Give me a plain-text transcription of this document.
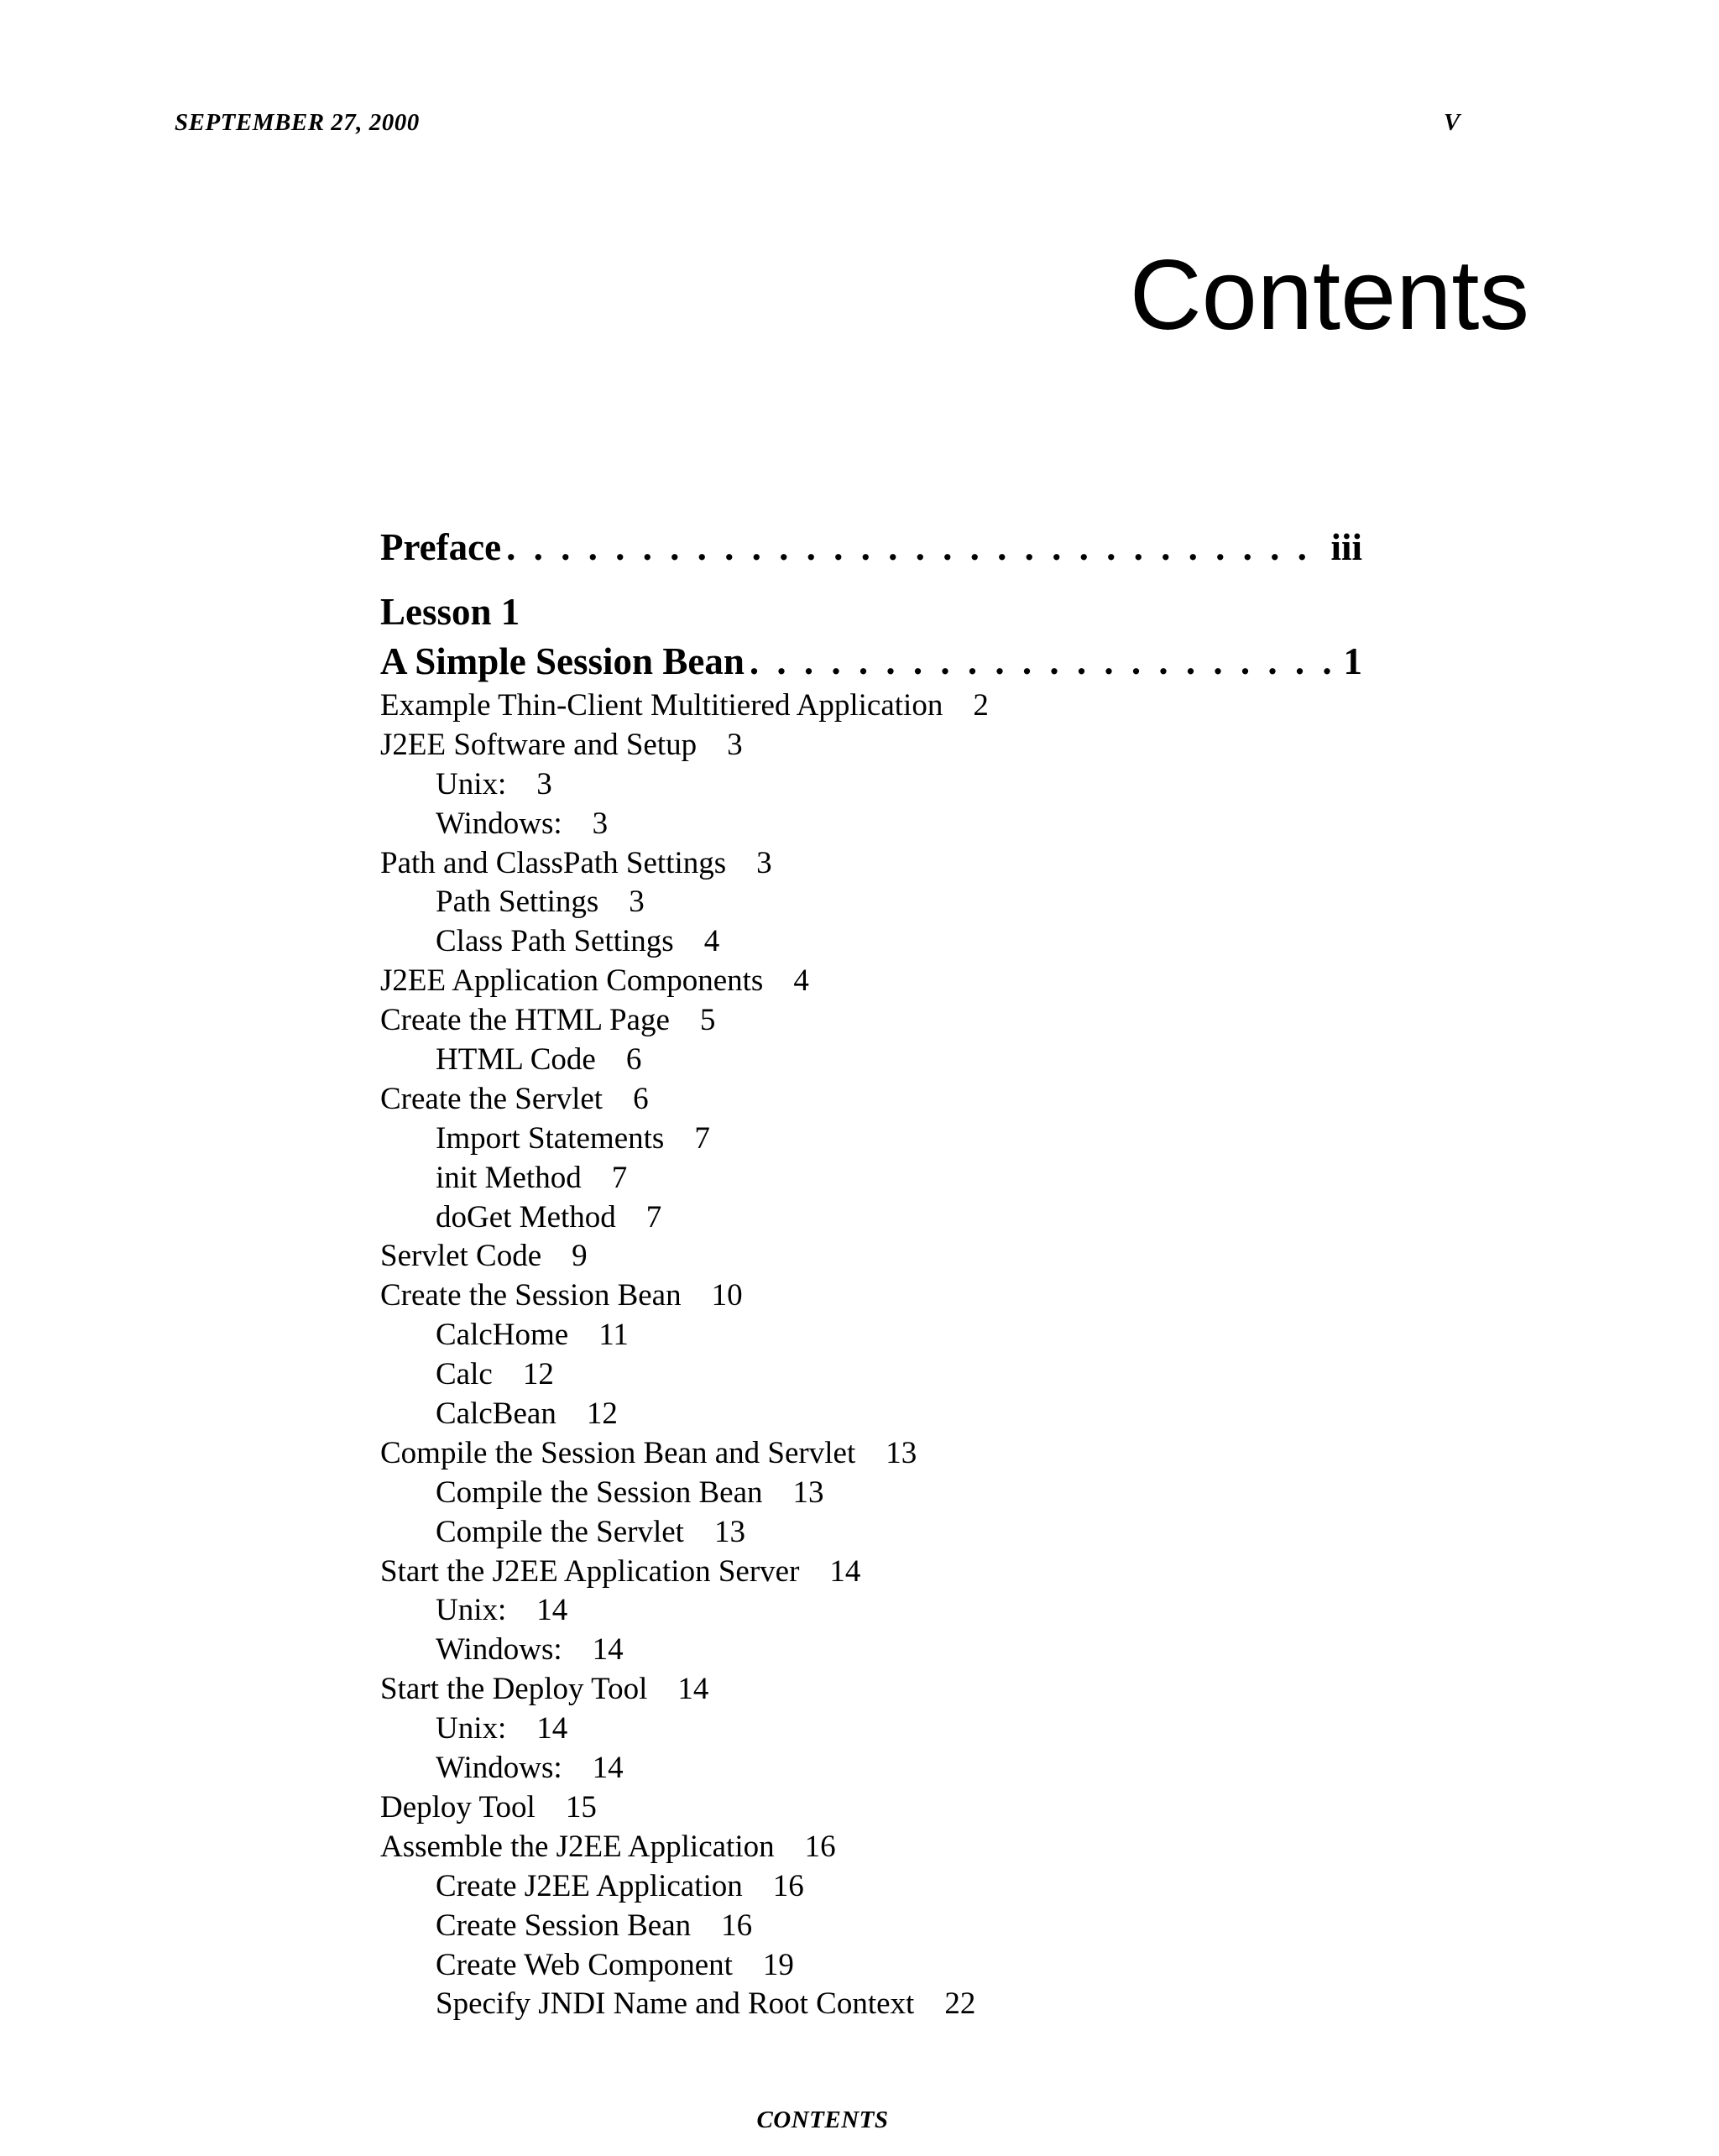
SEPTEMBER 27, 2000	V
Contents
Preface . . .	iii
Lesson 1
A Simple Session Bean . . .	1
Example Thin-Client Multitiered Application 2
J2EE Software and Setup 3
Unix: 3
Windows: 3
Path and ClassPath Settings 3
Path Settings 3
Class Path Settings 4
J2EE Application Components 4
Create the HTML Page 5
HTML Code 6
Create the Servlet 6
Import Statements 7
init Method 7
doGet Method 7
Servlet Code 9
Create the Session Bean 10
CalcHome 11
Calc 12
CalcBean 12
Compile the Session Bean and Servlet 13
Compile the Session Bean 13
Compile the Servlet 13
Start the J2EE Application Server 14
Unix: 14
Windows: 14
Start the Deploy Tool 14
Unix: 14
Windows: 14
Deploy Tool 15
Assemble the J2EE Application 16
Create J2EE Application 16
Create Session Bean 16
Create Web Component 19
Specify JNDI Name and Root Context 22
CONTENTS
